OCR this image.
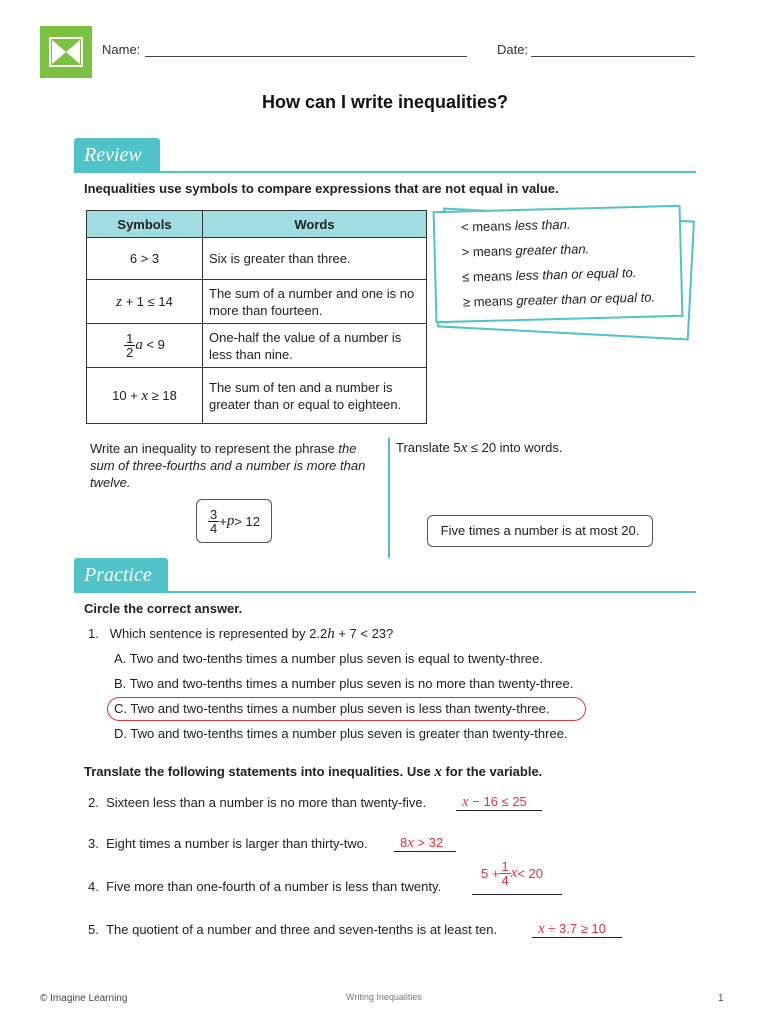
Name:	Date:
How can I write inequalities?
Review
Inequalities use symbols to compare expressions that are not equal in value.
Symbols	Words
6 > 3	Six is greater than three.
z + 1 ≤ 14	The sum of a number and one is no more than fourteen.

$\frac{1}{2}$ a < 9	One-half the value of a number is less than nine.
10 + x ≥ 18	The sum of ten and a number is greater than or equal to eighteen.
< means less than.
> means greater than.
≤ means less than or equal to.
≥ means greater than or equal to.
Write an inequality to represent the phrase the sum of three-fourths and a number is more than twelve.
$\frac{3}{4} + p > 12$
Translate 5x ≤ 20 into words.
Five times a number is at most 20.
Practice
Circle the correct answer.
1. Which sentence is represented by 2.2h + 7 < 23?
A. Two and two-tenths times a number plus seven is equal to twenty-three.
B. Two and two-tenths times a number plus seven is no more than twenty-three.
C. Two and two-tenths times a number plus seven is less than twenty-three.
D. Two and two-tenths times a number plus seven is greater than twenty-three.
Translate the following statements into inequalities. Use x for the variable.
2. Sixteen less than a number is no more than twenty-five. x − 16 ≤ 25
3. Eight times a number is larger than thirty-two. 8x > 32
4. Five more than one-fourth of a number is less than twenty.
$5 + \frac{1}{4}$ x < 20
5. The quotient of a number and three and seven-tenths is at least ten.	x ÷ 3.7 ≥ 10
© Imagine Learning	Writing Inequalities	1
